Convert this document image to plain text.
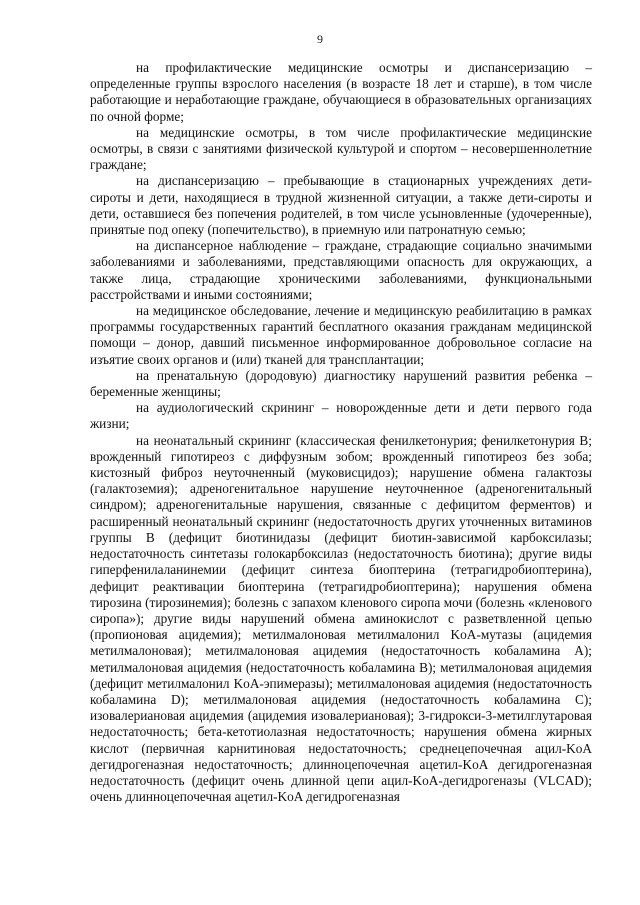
9

на профилактические медицинские осмотры и диспансеризацию – определенные группы взрослого населения (в возрасте 18 лет и старше), в том числе работающие и неработающие граждане, обучающиеся в образовательных организациях по очной форме;

на медицинские осмотры, в том числе профилактические медицинские осмотры, в связи с занятиями физической культурой и спортом – несовершеннолетние граждане;

на диспансеризацию – пребывающие в стационарных учреждениях дети-сироты и дети, находящиеся в трудной жизненной ситуации, а также дети-сироты и дети, оставшиеся без попечения родителей, в том числе усыновленные (удочеренные), принятые под опеку (попечительство), в приемную или патронатную семью;

на диспансерное наблюдение – граждане, страдающие социально значимыми заболеваниями и заболеваниями, представляющими опасность для окружающих, а также лица, страдающие хроническими заболеваниями, функциональными расстройствами и иными состояниями;

на медицинское обследование, лечение и медицинскую реабилитацию в рамках программы государственных гарантий бесплатного оказания гражданам медицинской помощи – донор, давший письменное информированное добровольное согласие на изъятие своих органов и (или) тканей для трансплантации;

на пренатальную (дородовую) диагностику нарушений развития ребенка – беременные женщины;

на аудиологический скрининг – новорожденные дети и дети первого года жизни;

на неонатальный скрининг (классическая фенилкетонурия; фенилкетонурия B; врожденный гипотиреоз с диффузным зобом; врожденный гипотиреоз без зоба; кистозный фиброз неуточненный (муковисцидоз); нарушение обмена галактозы (галактоземия); адреногенитальное нарушение неуточненное (адреногенитальный синдром); адреногенитальные нарушения, связанные с дефицитом ферментов) и расширенный неонатальный скрининг (недостаточность других уточненных витаминов группы B (дефицит биотинидазы (дефицит биотин-зависимой карбоксилазы; недостаточность синтетазы голокарбоксилаз (недостаточность биотина); другие виды гиперфенилаланинемии (дефицит синтеза биоптерина (тетрагидробиоптерина), дефицит реактивации биоптерина (тетрагидробиоптерина); нарушения обмена тирозина (тирозинемия); болезнь с запахом кленового сиропа мочи (болезнь «кленового сиропа»); другие виды нарушений обмена аминокислот с разветвленной цепью (пропионовая ацидемия); метилмалоновая метилмалонил KoA-мутазы (ацидемия метилмалоновая); метилмалоновая ацидемия (недостаточность кобаламина A); метилмалоновая ацидемия (недостаточность кобаламина B); метилмалоновая ацидемия (дефицит метилмалонил KoA-эпимеразы); метилмалоновая ацидемия (недостаточность кобаламина D); метилмалоновая ацидемия (недостаточность кобаламина C); изовалериановая ацидемия (ацидемия изовалериановая); 3-гидрокси-3-метилглутаровая недостаточность; бета-кетотиолазная недостаточность; нарушения обмена жирных кислот (первичная карнитиновая недостаточность; среднецепочечная ацил-KoA дегидрогеназная недостаточность; длинноцепочечная ацетил-KoA дегидрогеназная недостаточность (дефицит очень длинной цепи ацил-KoA-дегидрогеназы (VLCAD); очень длинноцепочечная ацетил-KoA дегидрогеназная
